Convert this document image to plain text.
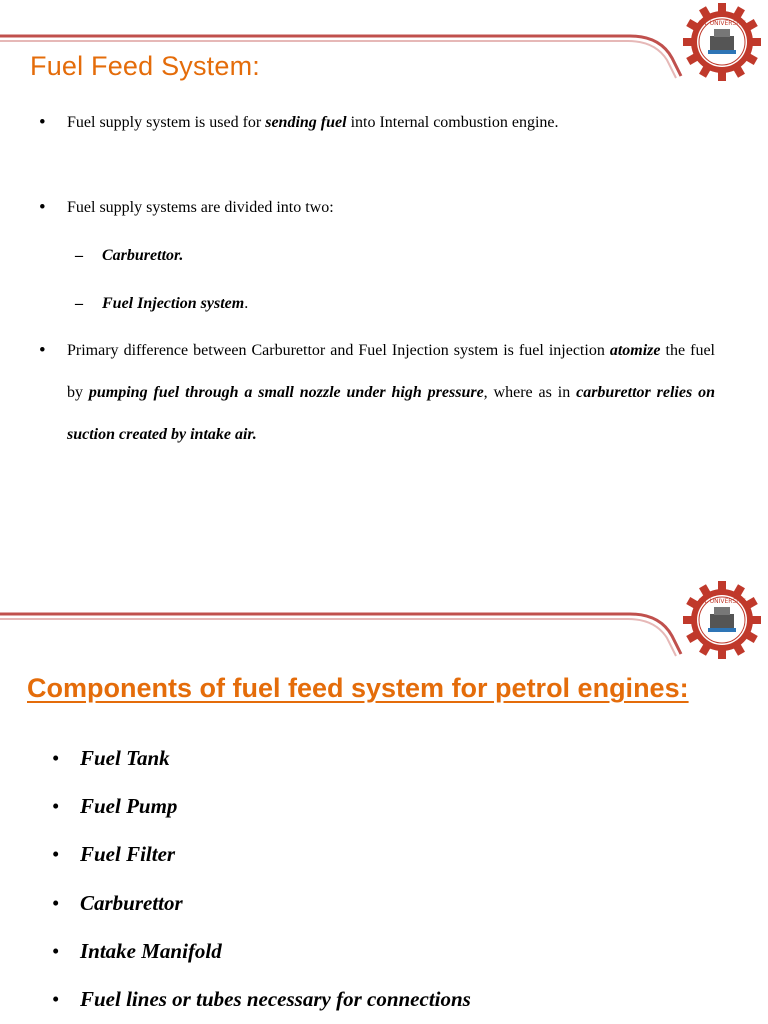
K L UNIVERSITY
Fuel Feed System:
• Fuel supply system is used for sending fuel into Internal combustion engine.
• Fuel supply systems are divided into two:
– Carburettor.
– Fuel Injection system.
• Primary difference between Carburettor and Fuel Injection system is fuel injection atomize the fuel by pumping fuel through a small nozzle under high pressure, where as in carburettor relies on suction created by intake air.
K L UNIVERSITY
Components of fuel feed system for petrol engines:
• Fuel Tank
• Fuel Pump
• Fuel Filter
• Carburettor
• Intake Manifold
• Fuel lines or tubes necessary for connections
